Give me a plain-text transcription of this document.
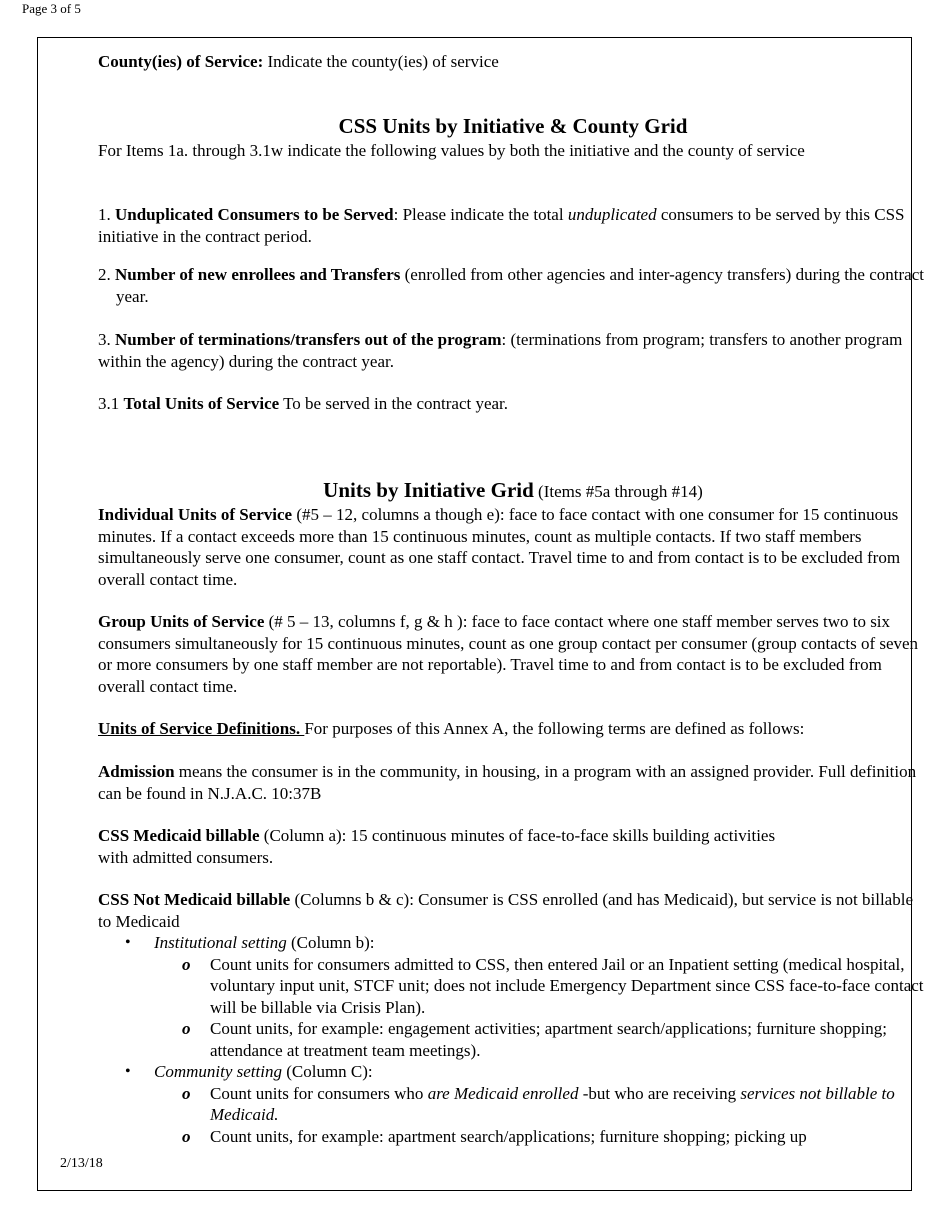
Page 3 of 5

County(ies) of Service: Indicate the county(ies) of service

CSS Units by Initiative & County Grid

For Items 1a. through 3.1w indicate the following values by both the initiative and the county of service

1. Unduplicated Consumers to be Served: Please indicate the total unduplicated consumers to be served by this CSS initiative in the contract period.

2. Number of new enrollees and Transfers (enrolled from other agencies and inter-agency transfers) during the contract year.

3. Number of terminations/transfers out of the program: (terminations from program; transfers to another program within the agency) during the contract year.

3.1 Total Units of Service To be served in the contract year.

Units by Initiative Grid (Items #5a through #14)

Individual Units of Service (#5 – 12, columns a though e): face to face contact with one consumer for 15 continuous minutes. If a contact exceeds more than 15 continuous minutes, count as multiple contacts. If two staff members simultaneously serve one consumer, count as one staff contact. Travel time to and from contact is to be excluded from overall contact time.

Group Units of Service (# 5 – 13, columns f, g & h ): face to face contact where one staff member serves two to six consumers simultaneously for 15 continuous minutes, count as one group contact per consumer (group contacts of seven or more consumers by one staff member are not reportable). Travel time to and from contact is to be excluded from overall contact time.

Units of Service Definitions. For purposes of this Annex A, the following terms are defined as follows:

Admission means the consumer is in the community, in housing, in a program with an assigned provider. Full definition can be found in N.J.A.C. 10:37B

CSS Medicaid billable (Column a): 15 continuous minutes of face-to-face skills building activities
with admitted consumers.

CSS Not Medicaid billable (Columns b & c): Consumer is CSS enrolled (and has Medicaid), but service is not billable to Medicaid

• Institutional setting (Column b):
o Count units for consumers admitted to CSS, then entered Jail or an Inpatient setting (medical hospital, voluntary input unit, STCF unit; does not include Emergency Department since CSS face-to-face contact will be billable via Crisis Plan).
o Count units, for example: engagement activities; apartment search/applications; furniture shopping; attendance at treatment team meetings).
• Community setting (Column C):
o Count units for consumers who are Medicaid enrolled -but who are receiving services not billable to Medicaid.
o Count units, for example: apartment search/applications; furniture shopping; picking up
2/13/18
